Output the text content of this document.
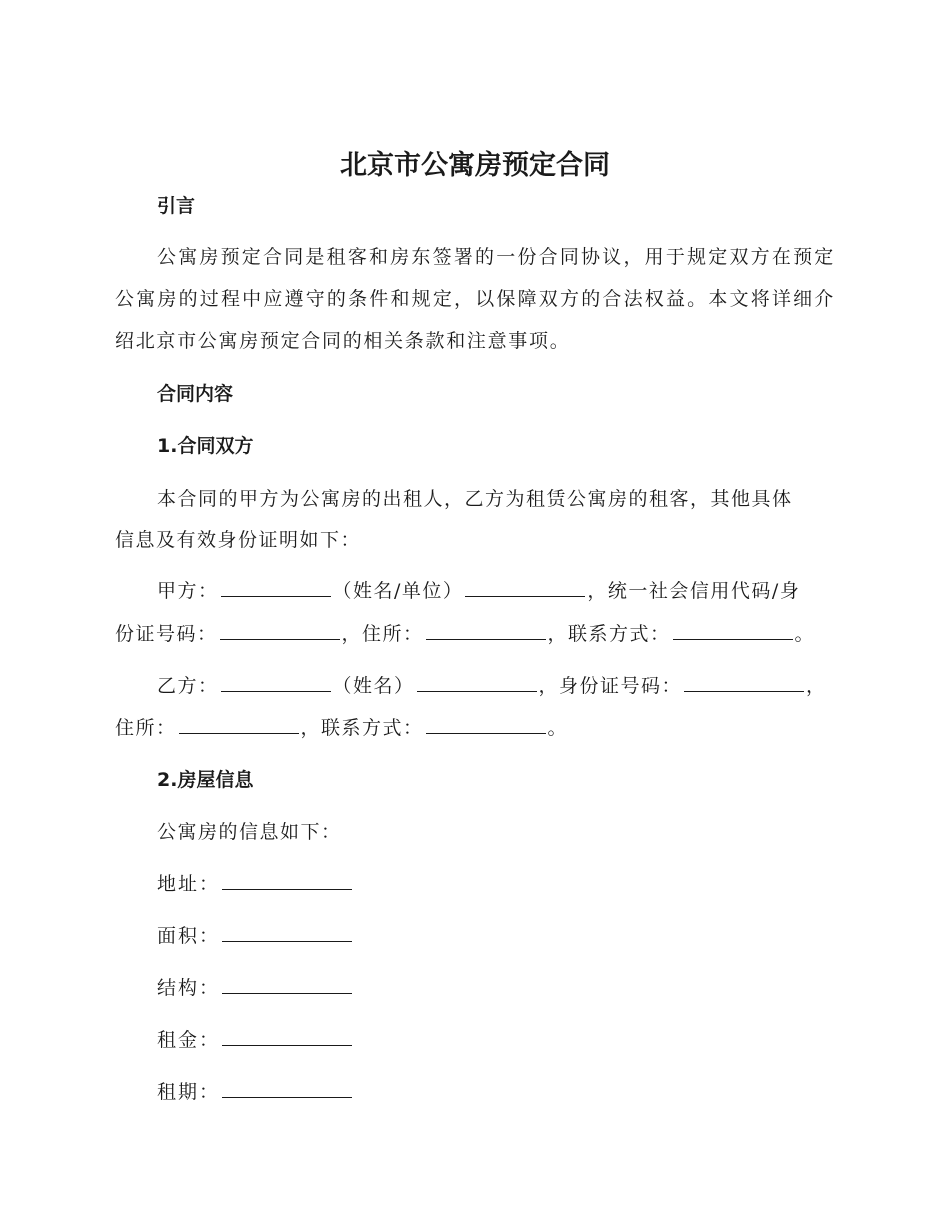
北京市公寓房预定合同
引言
公寓房预定合同是租客和房东签署的一份合同协议，用于规定双方在预定公寓房的过程中应遵守的条件和规定，以保障双方的合法权益。本文将详细介绍北京市公寓房预定合同的相关条款和注意事项。
合同内容
1.合同双方
本合同的甲方为公寓房的出租人，乙方为租赁公寓房的租客，其他具体
信息及有效身份证明如下：
甲方：	（姓名/单位）	，统一社会信用代码/身
份证号码：	，住所：	，联系方式：	。
乙方：	（姓名）	，身份证号码：	，
住所：	，联系方式：	。
2.房屋信息
公寓房的信息如下：
地址：
面积：
结构：
租金：
租期：
